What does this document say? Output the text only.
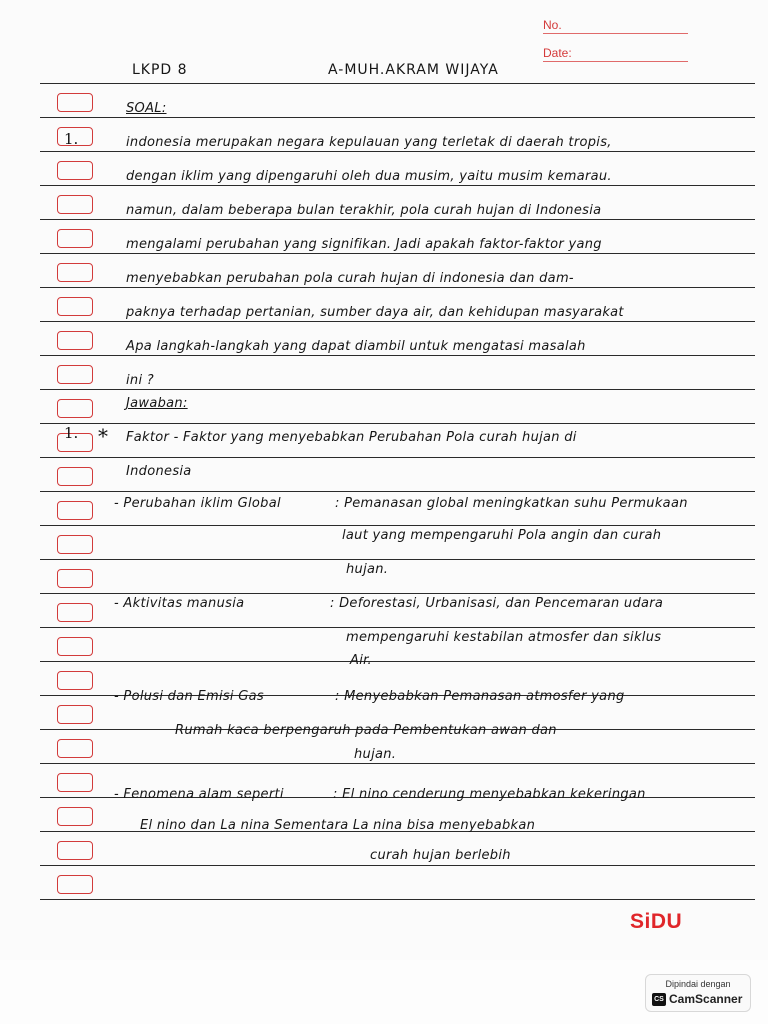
No.
Date:
LKPD 8	A-MUH.AKRAM WIJAYA
SOAL:
1.	indonesia merupakan negara kepulauan yang terletak di daerah tropis,
dengan iklim yang dipengaruhi oleh dua musim, yaitu musim kemarau.
namun, dalam beberapa bulan terakhir, pola curah hujan di Indonesia
mengalami perubahan yang signifikan. Jadi apakah faktor-faktor yang
menyebabkan perubahan pola curah hujan di indonesia dan dam-
paknya terhadap pertanian, sumber daya air, dan kehidupan masyarakat
Apa langkah-langkah yang dapat diambil untuk mengatasi masalah
ini ?
Jawaban:
1. * Faktor - Faktor yang menyebabkan Perubahan Pola curah hujan di
Indonesia
- Perubahan iklim Global	: Pemanasan global meningkatkan suhu Permukaan
laut yang mempengaruhi Pola angin dan curah
hujan.
- Aktivitas manusia	: Deforestasi, Urbanisasi, dan Pencemaran udara
mempengaruhi kestabilan atmosfer dan siklus
Air.
- Polusi dan Emisi Gas	: Menyebabkan Pemanasan atmosfer yang
Rumah kaca berpengaruh pada Pembentukan awan dan
hujan.
- Fenomena alam seperti	: El nino cenderung menyebabkan kekeringan
El nino dan La nina Sementara La nina bisa menyebabkan
curah hujan berlebih
SiDU
Dipindai dengan
CS CamScanner
